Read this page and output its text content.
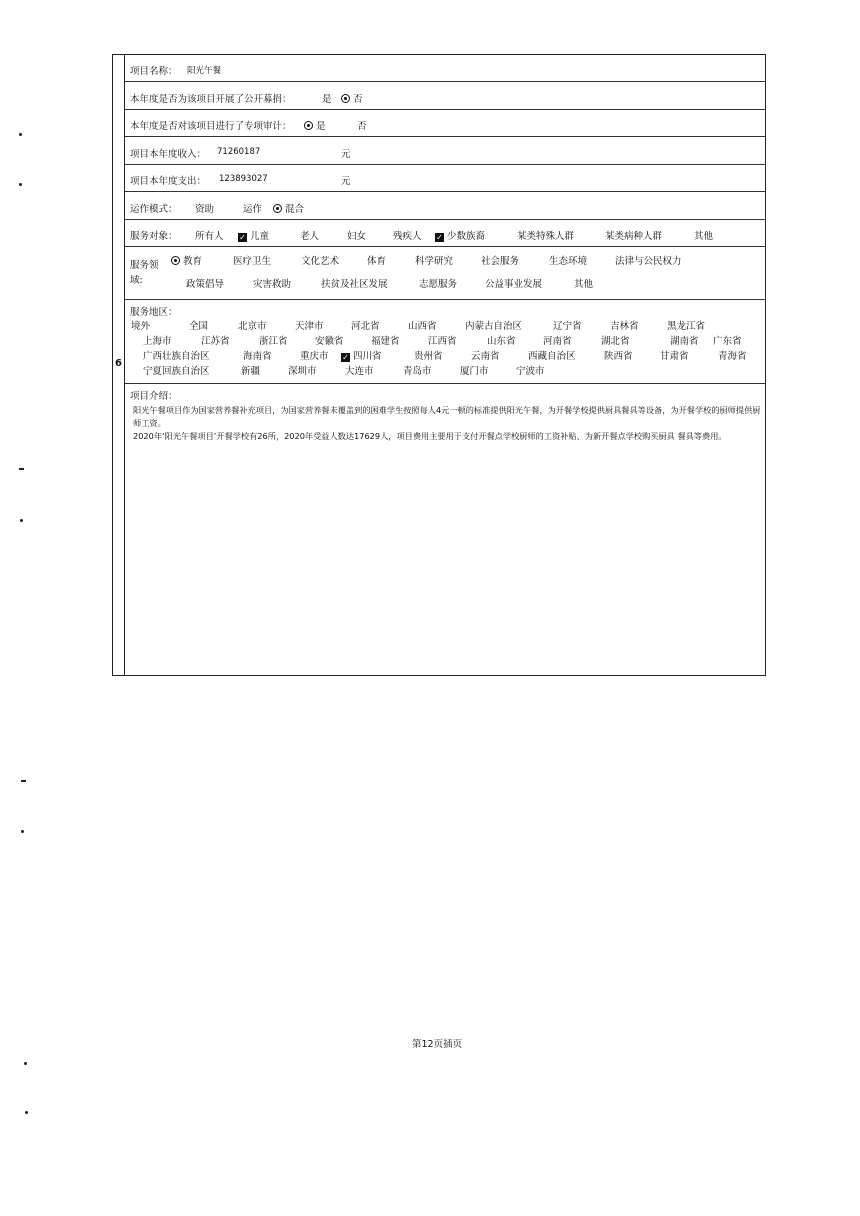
6
项目名称： 阳光午餐
本年度是否为该项目开展了公开募捐：	是	否
本年度是否对该项目进行了专项审计：	是	否
项目本年度收入： 71260187	元
项目本年度支出： 123893027	元
运作模式： 资助	运作	混合
服务对象： 所有人 ✓ 儿童	老人	妇女	残疾人 ✓ 少数族裔	某类特殊人群	某类病种人群	其他
服务领
域:
教育	医疗卫生	文化艺术	体育	科学研究	社会服务	生态环境	法律与公民权力
政策倡导	灾害救助	扶贫及社区发展	志愿服务	公益事业发展	其他
服务地区：
境外	全国	北京市	天津市	河北省	山西省	内蒙古自治区	辽宁省	吉林省	黑龙江省
上海市	江苏省	浙江省	安徽省	福建省	江西省	山东省	河南省	湖北省	湖南省 广东省
广西壮族自治区	海南省	重庆市 ✓ 四川省	贵州省	云南省	西藏自治区	陕西省	甘肃省	青海省
宁夏回族自治区	新疆	深圳市	大连市	青岛市	厦门市	宁波市
项目介绍：

阳光午餐项目作为国家营养餐补充项目，为国家营养餐未覆盖到的困难学生按照每人4元一顿的标准提供阳光午餐，为开餐学校提供厨具餐具等设备，为开餐学校的厨师提供厨师工资。

2020年‘阳光午餐项目’开餐学校有26所，2020年受益人数达17629人，项目费用主要用于支付开餐点学校厨师的工资补贴、为新开餐点学校购买厨具 餐具等费用。

第12页插页
